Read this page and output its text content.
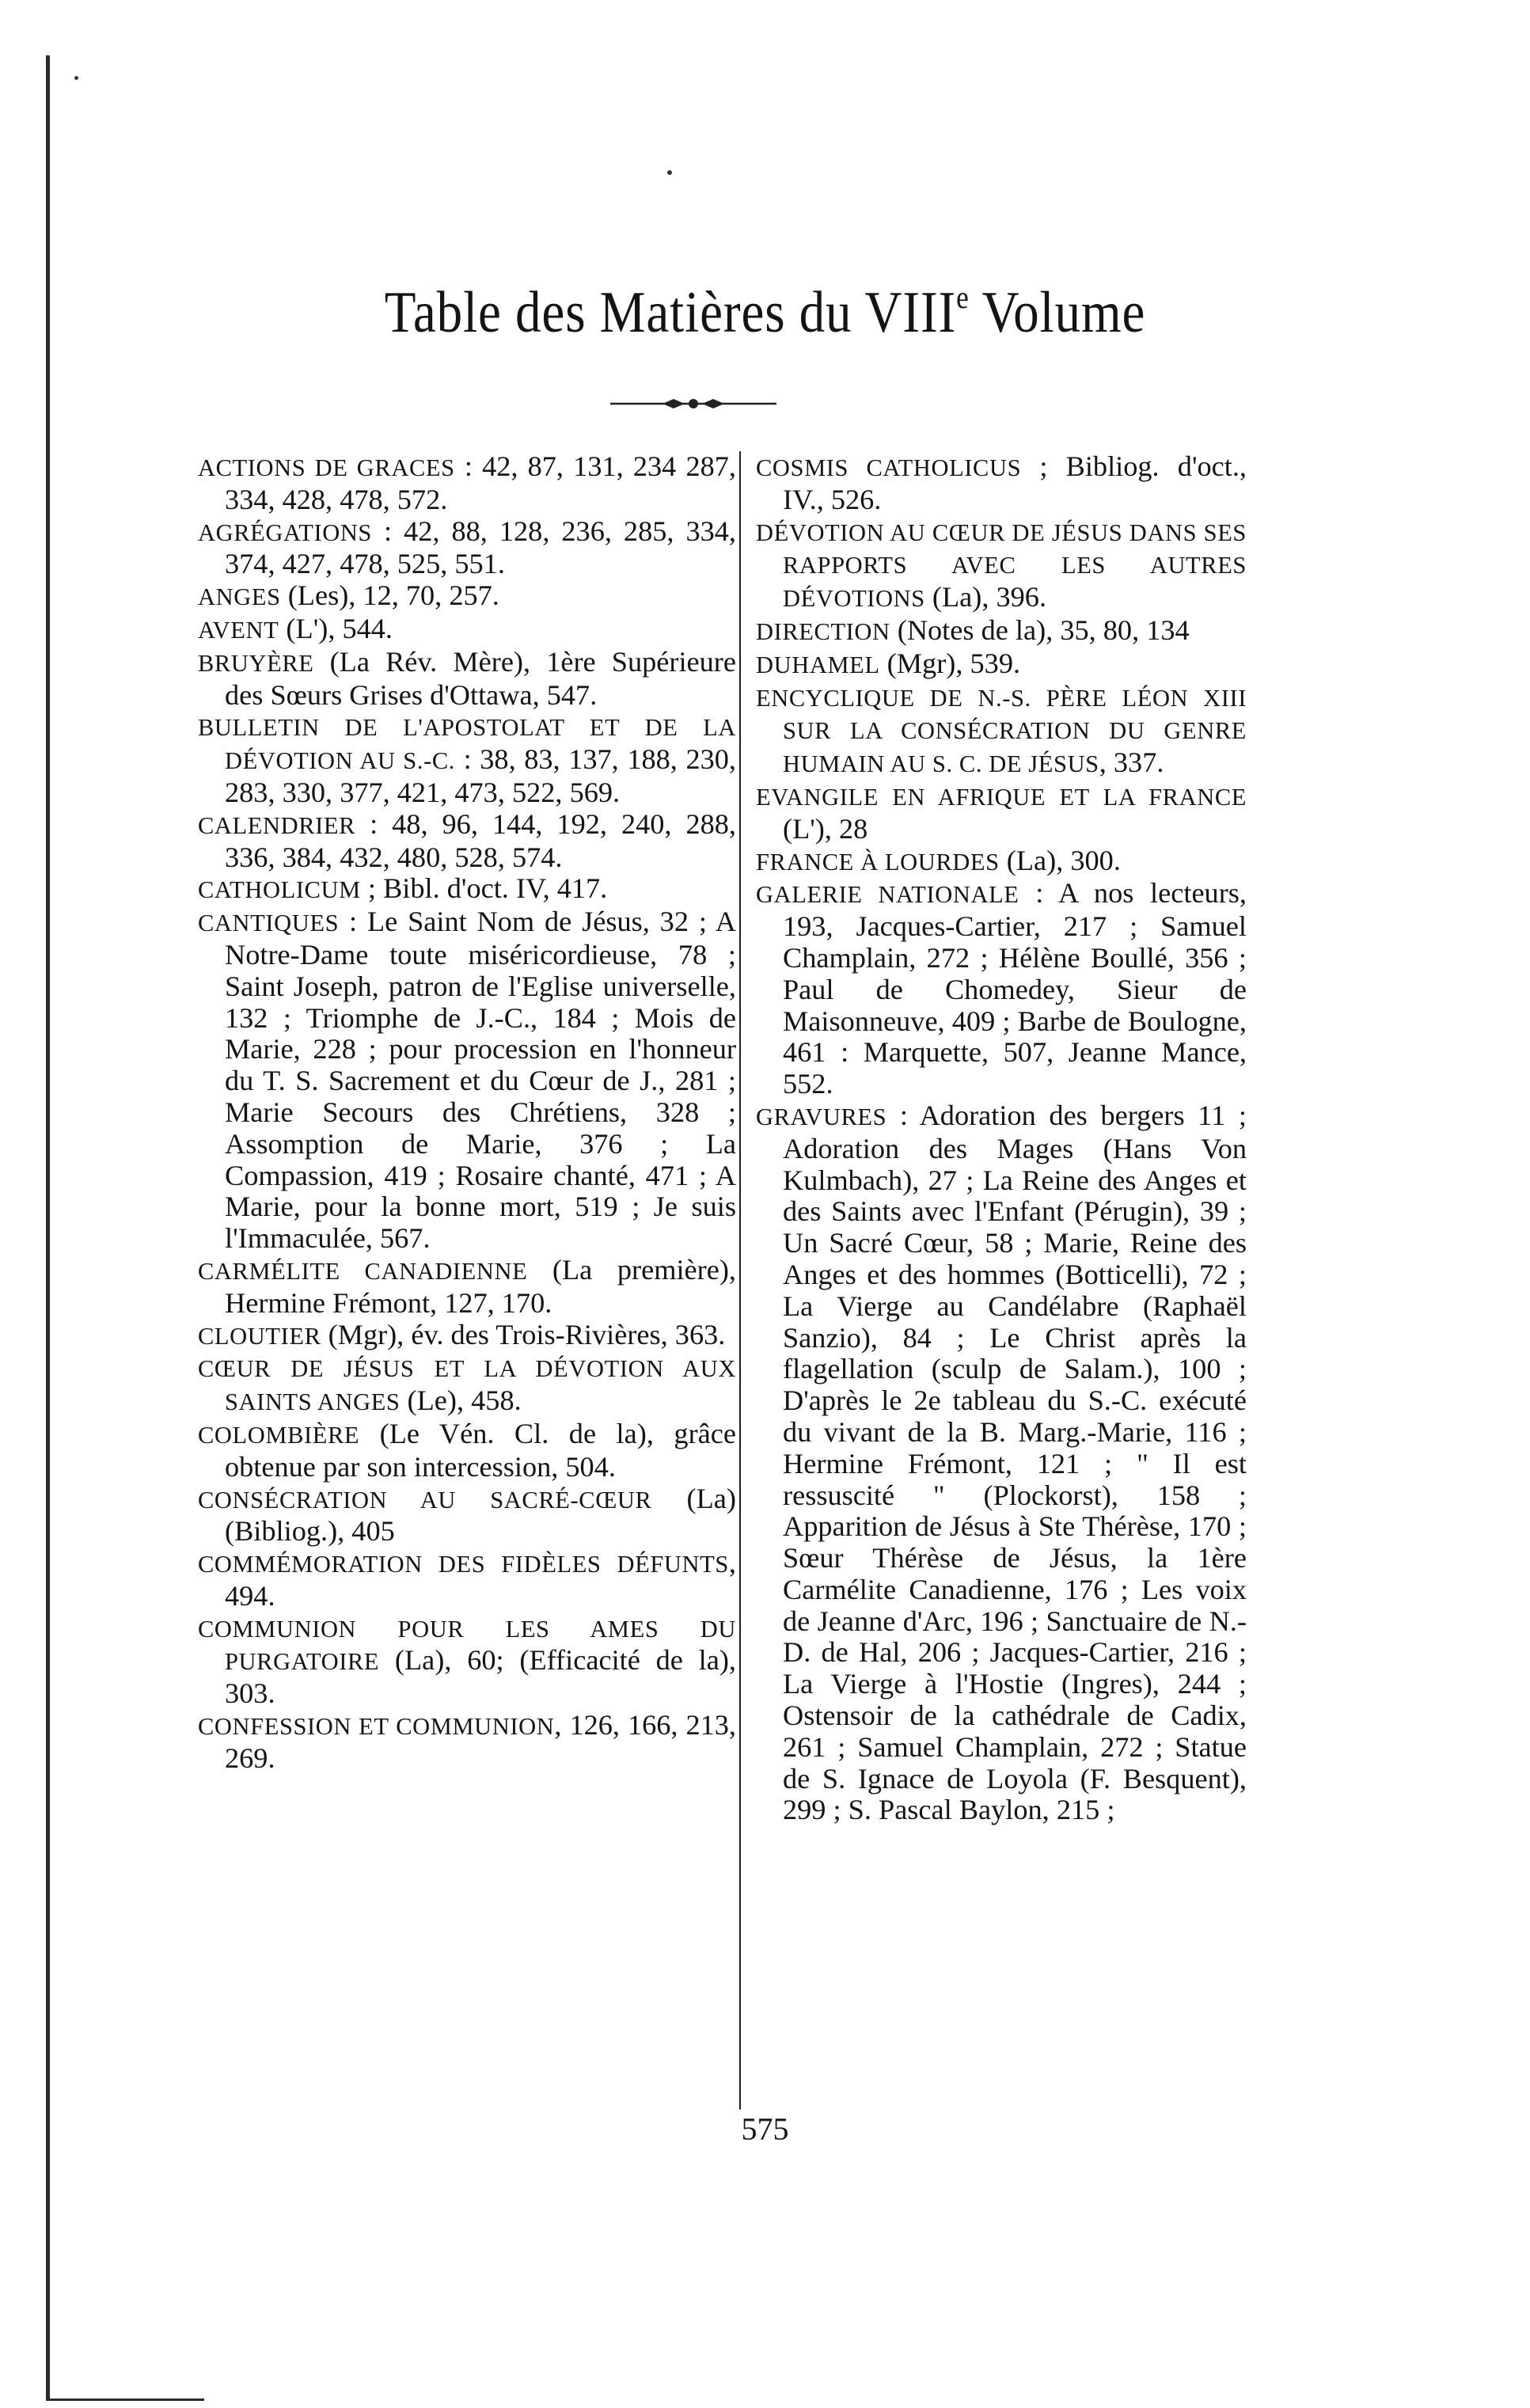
Table des Matières du VIIIe Volume

ACTIONS DE GRACES : 42, 87, 131, 234 287, 334, 428, 478, 572.

AGRÉGATIONS : 42, 88, 128, 236, 285, 334, 374, 427, 478, 525, 551.

ANGES (Les), 12, 70, 257.

AVENT (L'), 544.

BRUYÈRE (La Rév. Mère), 1ère Supérieure des Sœurs Grises d'Ottawa, 547.

BULLETIN DE L'APOSTOLAT ET DE LA DÉVOTION AU S.-C. : 38, 83, 137, 188, 230, 283, 330, 377, 421, 473, 522, 569.

CALENDRIER : 48, 96, 144, 192, 240, 288, 336, 384, 432, 480, 528, 574.

CATHOLICUM ; Bibl. d'oct. IV, 417.

CANTIQUES : Le Saint Nom de Jésus, 32 ; A Notre-Dame toute miséricordieuse, 78 ; Saint Joseph, patron de l'Eglise universelle, 132 ; Triomphe de J.-C., 184 ; Mois de Marie, 228 ; pour procession en l'honneur du T. S. Sacrement et du Cœur de J., 281 ; Marie Secours des Chrétiens, 328 ; Assomption de Marie, 376 ; La Compassion, 419 ; Rosaire chanté, 471 ; A Marie, pour la bonne mort, 519 ; Je suis l'Immaculée, 567.

CARMÉLITE CANADIENNE (La première), Hermine Frémont, 127, 170.

CLOUTIER (Mgr), év. des Trois-Rivières, 363.

CŒUR DE JÉSUS ET LA DÉVOTION AUX SAINTS ANGES (Le), 458.

COLOMBIÈRE (Le Vén. Cl. de la), grâce obtenue par son intercession, 504.

CONSÉCRATION AU SACRÉ-CŒUR (La) (Bibliog.), 405

COMMÉMORATION DES FIDÈLES DÉFUNTS, 494.

COMMUNION POUR LES AMES DU PURGATOIRE (La), 60; (Efficacité de la), 303.

CONFESSION ET COMMUNION, 126, 166, 213, 269.

COSMIS CATHOLICUS ; Bibliog. d'oct., IV., 526.

DÉVOTION AU CŒUR DE JÉSUS DANS SES RAPPORTS AVEC LES AUTRES DÉVOTIONS (La), 396.

DIRECTION (Notes de la), 35, 80, 134

DUHAMEL (Mgr), 539.

ENCYCLIQUE DE N.-S. PÈRE LÉON XIII SUR LA CONSÉCRATION DU GENRE HUMAIN AU S. C. DE JÉSUS, 337.

EVANGILE EN AFRIQUE ET LA FRANCE (L'), 28

FRANCE À LOURDES (La), 300.

GALERIE NATIONALE : A nos lecteurs, 193, Jacques-Cartier, 217 ; Samuel Champlain, 272 ; Hélène Boullé, 356 ; Paul de Chomedey, Sieur de Maisonneuve, 409 ; Barbe de Boulogne, 461 : Marquette, 507, Jeanne Mance, 552.

GRAVURES : Adoration des bergers 11 ; Adoration des Mages (Hans Von Kulmbach), 27 ; La Reine des Anges et des Saints avec l'Enfant (Pérugin), 39 ; Un Sacré Cœur, 58 ; Marie, Reine des Anges et des hommes (Botticelli), 72 ; La Vierge au Candélabre (Raphaël Sanzio), 84 ; Le Christ après la flagellation (sculp de Salam.), 100 ; D'après le 2e tableau du S.-C. exécuté du vivant de la B. Marg.-Marie, 116 ; Hermine Frémont, 121 ; " Il est ressuscité " (Plockorst), 158 ; Apparition de Jésus à Ste Thérèse, 170 ; Sœur Thérèse de Jésus, la 1ère Carmélite Canadienne, 176 ; Les voix de Jeanne d'Arc, 196 ; Sanctuaire de N.-D. de Hal, 206 ; Jacques-Cartier, 216 ; La Vierge à l'Hostie (Ingres), 244 ; Ostensoir de la cathédrale de Cadix, 261 ; Samuel Champlain, 272 ; Statue de S. Ignace de Loyola (F. Besquent), 299 ; S. Pascal Baylon, 215 ;

575
